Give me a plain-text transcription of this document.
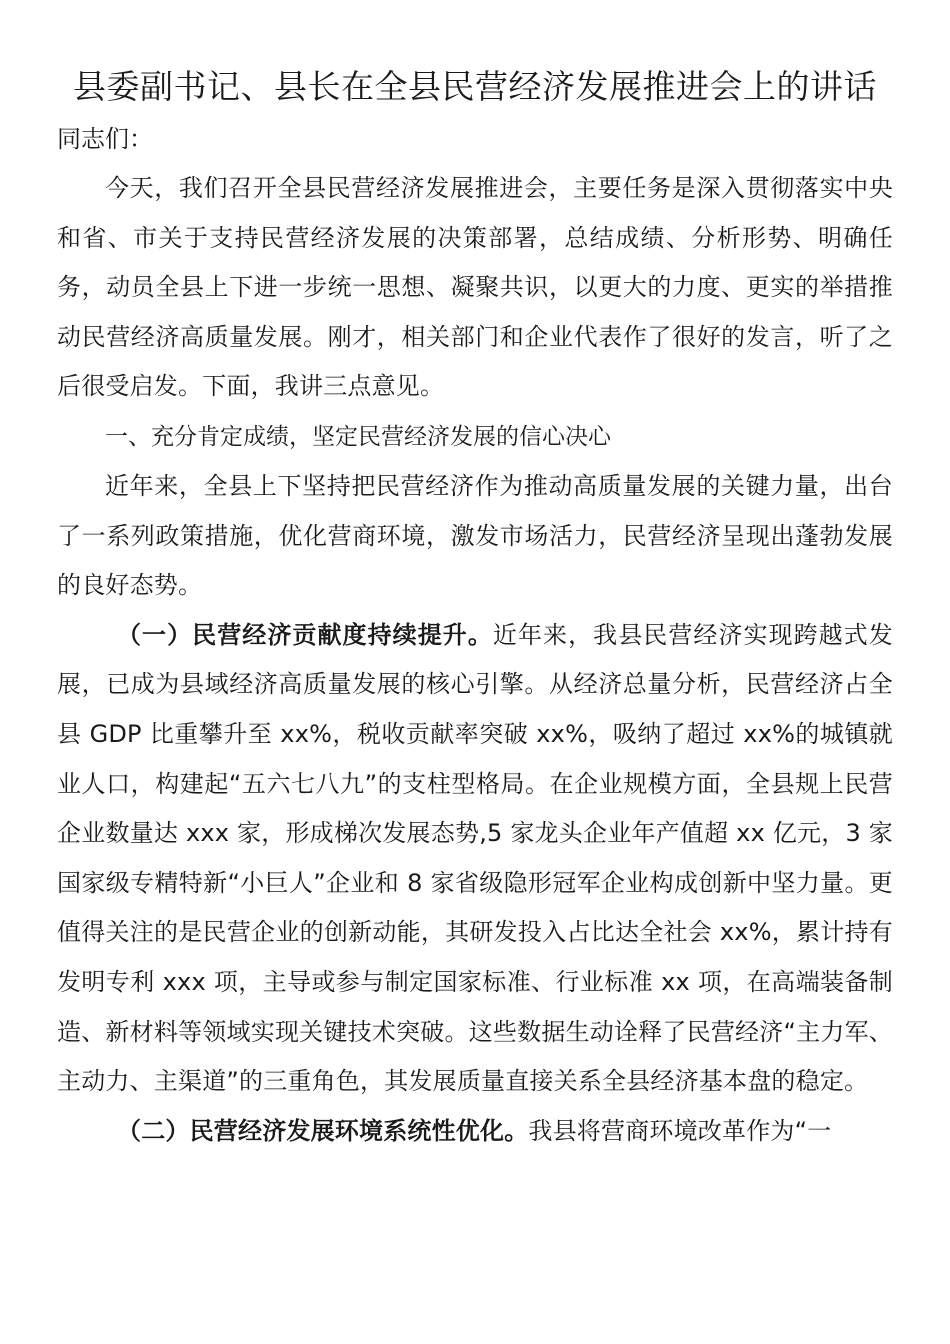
县委副书记、县长在全县民营经济发展推进会上的讲话

同志们：

今天，我们召开全县民营经济发展推进会，主要任务是深入贯彻落实中央和省、市关于支持民营经济发展的决策部署，总结成绩、分析形势、明确任务，动员全县上下进一步统一思想、凝聚共识，以更大的力度、更实的举措推动民营经济高质量发展。刚才，相关部门和企业代表作了很好的发言，听了之后很受启发。下面，我讲三点意见。

一、充分肯定成绩，坚定民营经济发展的信心决心

近年来，全县上下坚持把民营经济作为推动高质量发展的关键力量，出台了一系列政策措施，优化营商环境，激发市场活力，民营经济呈现出蓬勃发展的良好态势。

（一）民营经济贡献度持续提升。近年来，我县民营经济实现跨越式发展，已成为县域经济高质量发展的核心引擎。从经济总量分析，民营经济占全县 GDP 比重攀升至 xx%，税收贡献率突破 xx%，吸纳了超过 xx%的城镇就业人口，构建起“五六七八九”的支柱型格局。在企业规模方面，全县规上民营企业数量达 xxx 家，形成梯次发展态势,5 家龙头企业年产值超 xx 亿元，3 家国家级专精特新“小巨人”企业和 8 家省级隐形冠军企业构成创新中坚力量。更值得关注的是民营企业的创新动能，其研发投入占比达全社会 xx%，累计持有发明专利 xxx 项，主导或参与制定国家标准、行业标准 xx 项，在高端装备制造、新材料等领域实现关键技术突破。这些数据生动诠释了民营经济“主力军、主动力、主渠道”的三重角色，其发展质量直接关系全县经济基本盘的稳定。

（二）民营经济发展环境系统性优化。我县将营商环境改革作为“一
